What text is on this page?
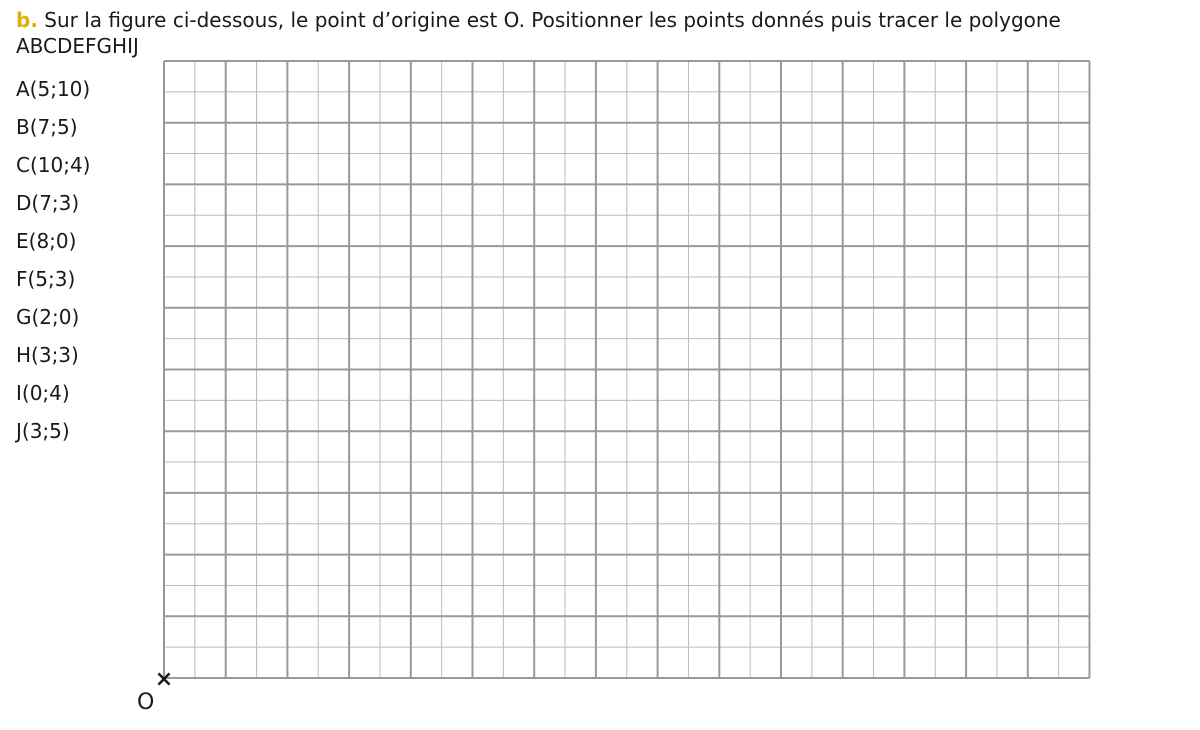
b. Sur la figure ci-dessous, le point d’origine est O. Positionner les points donnés puis tracer le polygone ABCDEFGHIJ
A(5;10)
B(7;5)
C(10;4)
D(7;3)
E(8;0)
F(5;3)
G(2;0)
H(3;3)
I(0;4)
J(3;5)
×
O
